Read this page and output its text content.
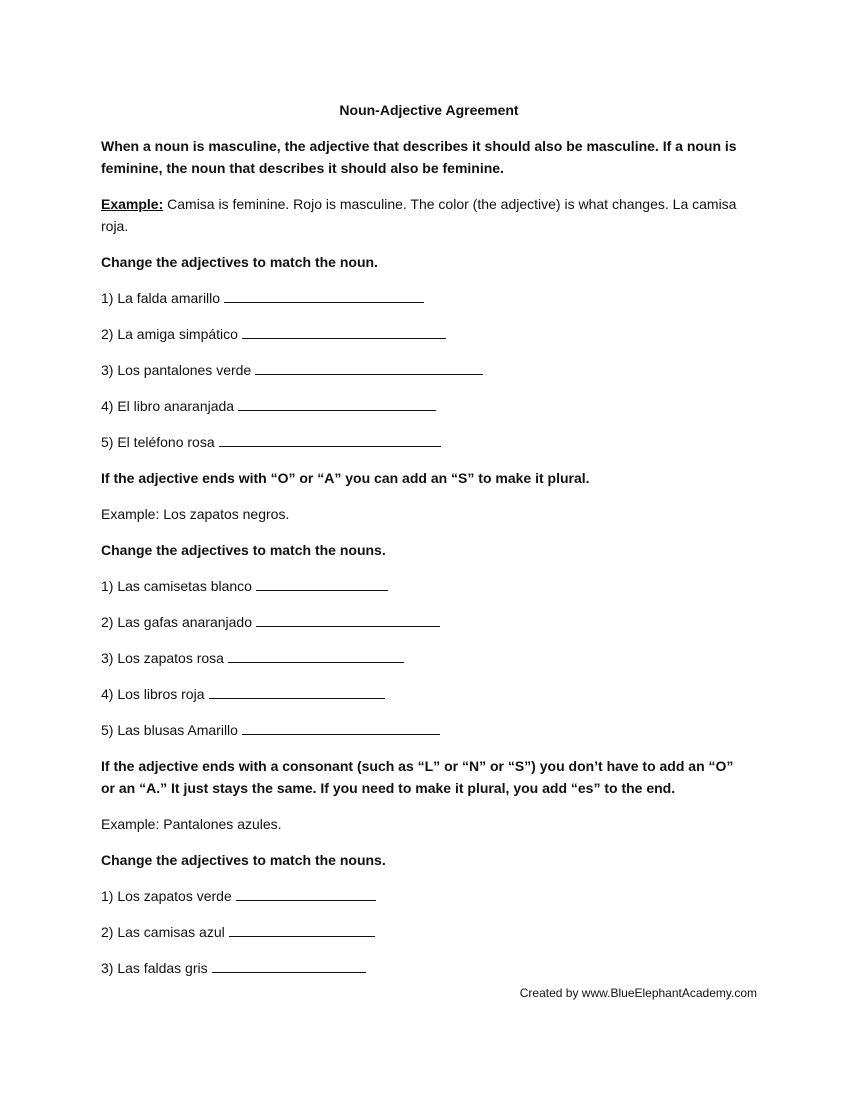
Noun-Adjective Agreement

When a noun is masculine, the adjective that describes it should also be masculine. If a noun is feminine, the noun that describes it should also be feminine.

Example: Camisa is feminine. Rojo is masculine. The color (the adjective) is what changes. La camisa roja.

Change the adjectives to match the noun.

1) La falda amarillo
2) La amiga simpático
3) Los pantalones verde
4) El libro anaranjada
5) El teléfono rosa

If the adjective ends with “O” or “A” you can add an “S” to make it plural.

Example: Los zapatos negros.

Change the adjectives to match the nouns.

1) Las camisetas blanco
2) Las gafas anaranjado
3) Los zapatos rosa
4) Los libros roja
5) Las blusas Amarillo

If the adjective ends with a consonant (such as “L” or “N” or “S”) you don’t have to add an “O” or an “A.” It just stays the same. If you need to make it plural, you add “es” to the end.

Example: Pantalones azules.

Change the adjectives to match the nouns.

1) Los zapatos verde
2) Las camisas azul
3) Las faldas gris
Created by www.BlueElephantAcademy.com
